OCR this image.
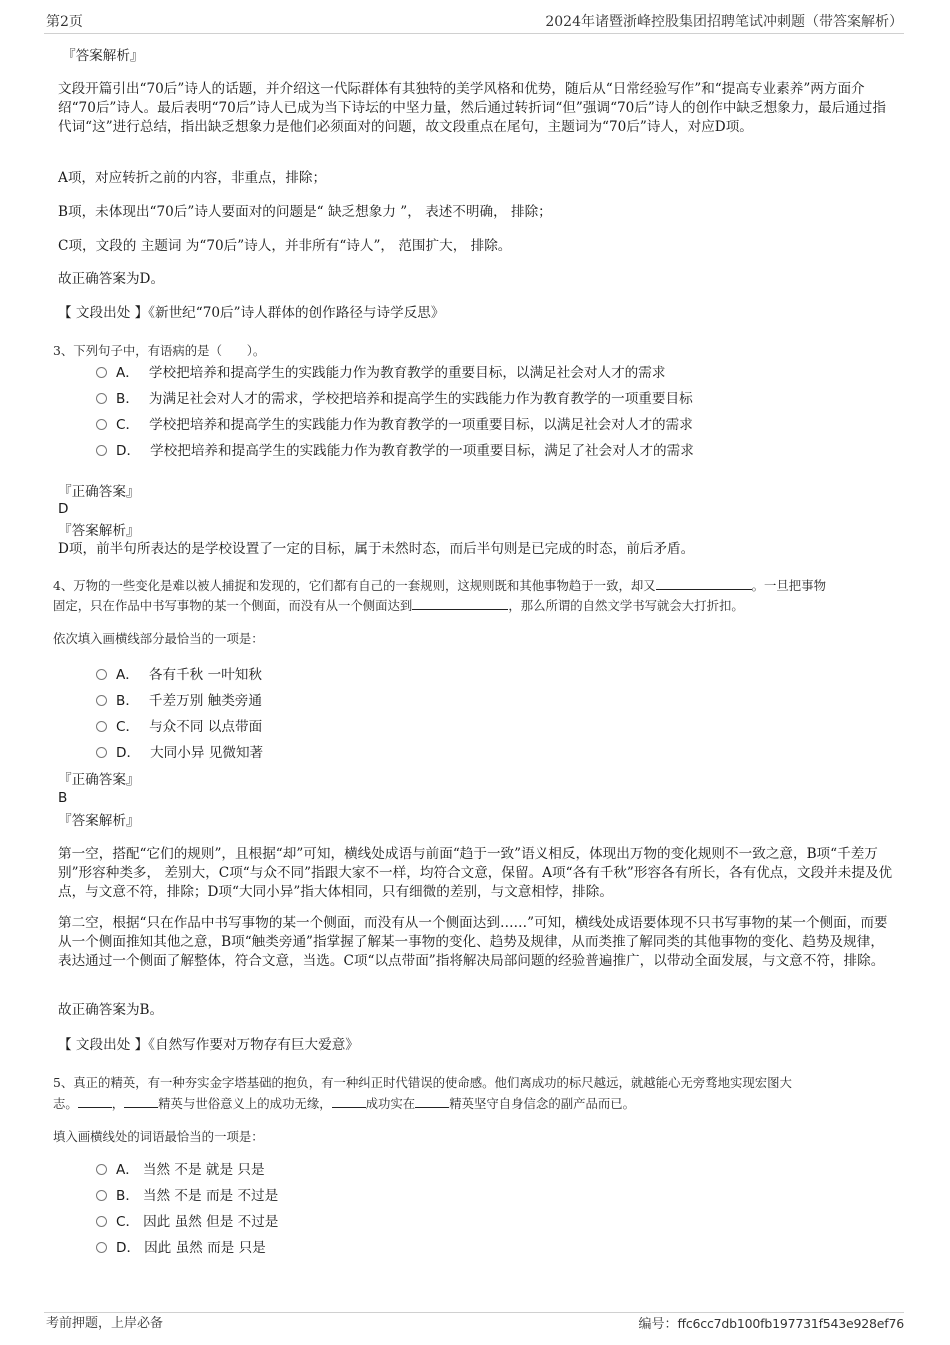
第2页	2024年诸暨浙峰控股集团招聘笔试冲刺题（带答案解析）
『答案解析』
文段开篇引出“70后”诗人的话题，并介绍这一代际群体有其独特的美学风格和优势，随后从“日常经验写作”和“提高专业素养”两方面介绍“70后”诗人。最后表明“70后”诗人已成为当下诗坛的中坚力量，然后通过转折词“但”强调“70后”诗人的创作中缺乏想象力，最后通过指代词“这”进行总结，指出缺乏想象力是他们必须面对的问题，故文段重点在尾句，主题词为“70后”诗人，对应D项。
A项，对应转折之前的内容，非重点，排除；
B项，未体现出“70后”诗人要面对的问题是“ 缺乏想象力 ”， 表述不明确， 排除；
C项，文段的 主题词 为“70后”诗人，并非所有“诗人”， 范围扩大， 排除。
故正确答案为D。
【 文段出处 】《新世纪“70后”诗人群体的创作路径与诗学反思》
3、下列句子中，有语病的是（　　）。
A． 学校把培养和提高学生的实践能力作为教育教学的重要目标，以满足社会对人才的需求
B． 为满足社会对人才的需求，学校把培养和提高学生的实践能力作为教育教学的一项重要目标
C． 学校把培养和提高学生的实践能力作为教育教学的一项重要目标，以满足社会对人才的需求
D． 学校把培养和提高学生的实践能力作为教育教学的一项重要目标，满足了社会对人才的需求
『正确答案』
D
『答案解析』
D项，前半句所表达的是学校设置了一定的目标，属于未然时态，而后半句则是已完成的时态，前后矛盾。
4、万物的一些变化是难以被人捕捉和发现的，它们都有自己的一套规则，这规则既和其他事物趋于一致，却又	。一旦把事物
固定，只在作品中书写事物的某一个侧面，而没有从一个侧面达到	，那么所谓的自然文学书写就会大打折扣。
依次填入画横线部分最恰当的一项是：
A． 各有千秋 一叶知秋
B． 千差万别 触类旁通
C． 与众不同 以点带面
D． 大同小异 见微知著
『正确答案』
B
『答案解析』
第一空，搭配“它们的规则”，且根据“却”可知，横线处成语与前面“趋于一致”语义相反，体现出万物的变化规则不一致之意，B项“千差万别”形容种类多， 差别大，C项“与众不同”指跟大家不一样，均符合文意，保留。A项“各有千秋”形容各有所长，各有优点，文段并未提及优点，与文意不符，排除；D项“大同小异”指大体相同，只有细微的差别，与文意相悖，排除。
第二空，根据“只在作品中书写事物的某一个侧面，而没有从一个侧面达到……”可知，横线处成语要体现不只书写事物的某一个侧面，而要从一个侧面推知其他之意，B项“触类旁通”指掌握了解某一事物的变化、趋势及规律，从而类推了解同类的其他事物的变化、趋势及规律，表达通过一个侧面了解整体，符合文意，当选。C项“以点带面”指将解决局部问题的经验普遍推广，以带动全面发展，与文意不符，排除。
故正确答案为B。
【 文段出处 】《自然写作要对万物存有巨大爱意》
5、真正的精英，有一种夯实金字塔基础的抱负，有一种纠正时代错误的使命感。他们离成功的标尺越远，就越能心无旁骛地实现宏图大
志。	，	精英与世俗意义上的成功无缘，	成功实在	精英坚守自身信念的副产品而已。
填入画横线处的词语最恰当的一项是：
A． 当然 不是 就是 只是
B． 当然 不是 而是 不过是
C． 因此 虽然 但是 不过是
D． 因此 虽然 而是 只是
考前押题，上岸必备	编号：ffc6cc7db100fb197731f543e928ef76
